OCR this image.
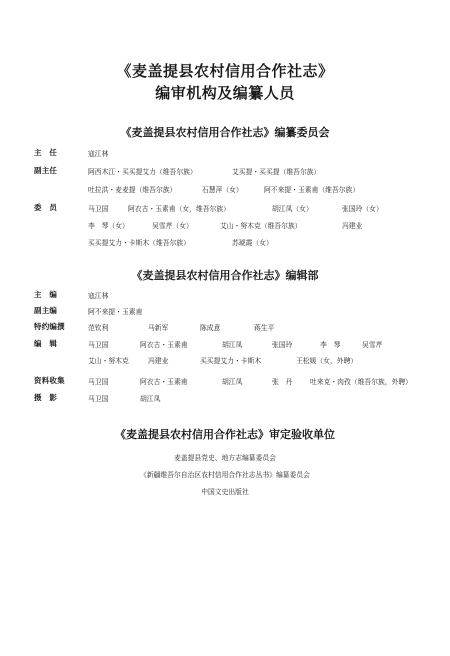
《麦盖提县农村信用合作社志》
编审机构及编纂人员
《麦盖提县农村信用合作社志》编纂委员会
主　任	寇江林
副主任	阿西木江・买买提艾力（维吾尔族）	艾买提・买买提（维吾尔族）
吐拉洪・麦麦提（维吾尔族）	石慧萍（女）	阿不来提・玉素甫（维吾尔族）
委　员	马卫国	阿衣古・玉素甫（女，维吾尔族）	胡江凤（女）	张国玲（女）
李　琴（女）	吴雪芹（女）	艾山・努木克（维吾尔族）	冯建业
买买提艾力・卡斯木（维吾尔族）	苏琥霞（女）
《麦盖提县农村信用合作社志》编辑部
主　编	寇江林
副主编	阿不来提・玉素甫
特约编撰	范钦利	马新军	陈成意	蒋生平
编　辑	马卫国	阿衣古・玉素甫	胡江凤	张国玲	李　琴	吴雪芹
艾山・努木克	冯建业	买买提艾力・卡斯木	王松媛（女，外聘）
资料收集	马卫国	阿衣古・玉素甫	胡江凤	张　丹	吐来克・肉孜（维吾尔族，外聘）
摄　影	马卫国	胡江凤
《麦盖提县农村信用合作社志》审定验收单位
麦盖提县党史、地方志编纂委员会
《新疆维吾尔自治区农村信用合作社志丛书》编纂委员会
中国文史出版社
